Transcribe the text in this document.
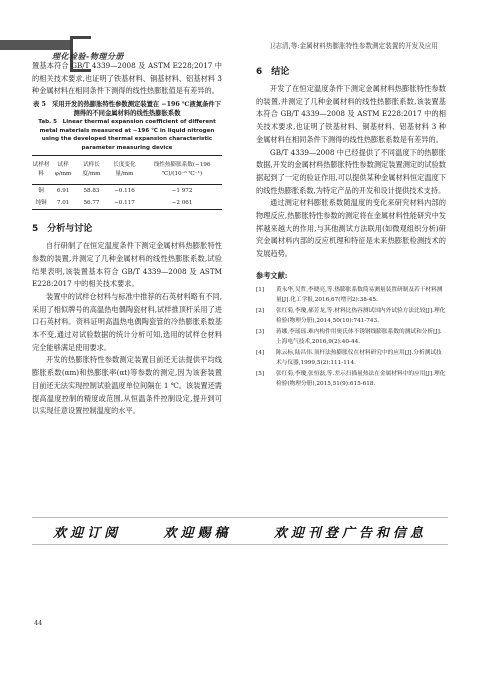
理化检验-物理分册
卫志清,等:金属材料热膨胀特性参数测定装置的开发及应用

置基本符合 GB/T 4339—2008 及 ASTM E228;2017 中的相关技术要求,也证明了铁基材料、铜基材料、铝基材料 3 种金属材料在相同条件下测得的线性热膨胀值是有差异的。

表 5　采用开发的热膨胀特性参数测定装置在 −196 ℃液氮条件下测得的不同金属材料的线性热膨胀系数
Tab. 5　Linear thermal expansion coefficient of different metal materials measured at −196 ℃ in liquid nitrogen using the developed thermal expansion characteristic parameter measuring device
试样材料	试样 φ/mm	试样长度/mm	长度变化量/mm	线性热膨胀系数(−196 ℃)/(10⁻⁶ ℃⁻¹)
铜	6.91	58.83	−0.116	−1 972
纯铜	7.01	56.77	−0.117	−2 061
5　分析与讨论

自行研制了在恒定温度条件下测定金属材料热膨胀特性参数的装置,并测定了几种金属材料的线性热膨胀系数,试验结果表明,该装置基本符合 GB/T 4339—2008 及 ASTM E228:2017 中的相关技术要求。

装置中的试样仓材料与标准中推荐的石英材料略有不同,采用了相似牌号的高温热电偶陶瓷材料,试样推顶杆采用了进口石英材料。资料证明高温热电偶陶瓷管的冷热膨胀系数基本不变,通过对试验数据的统计分析可知,选用的试样仓材料完全能够满足使用要求。

开发的热膨胀特性参数测定装置目前还无法提供平均线膨胀系数(αm)和热膨胀率(αt)等参数的测定,因为该套装置目前还无法实现控制试验温度单位间隔在 1 ℃。该装置还需提高温度控制的精度或范围,从恒温条件控制设定,提升到可以实现任意设置控制温度的水平。

6　结论

开发了在恒定温度条件下测定金属材料热膨胀特性参数的装置,并测定了几种金属材料的线性热膨胀系数,该装置基本符合 GB/T 4339—2008 及 ASTM E228:2017 中的相关技术要求,也证明了铁基材料、铜基材料、铝基材料 3 种金属材料在相同条件下测得的线性热膨胀系数是有差异的。

GB/T 4339—2008 中已经提供了不同温度下的热膨胀数据,开发的金属材料热膨胀特性参数测定装置测定的试验数据起到了一定的验证作用,可以提供某种金属材料恒定温度下的线性热膨胀系数,为特定产品的开发和设计提供技术支持。

通过测定材料膨胀系数随温度的变化来研究材料内部的物理反应,热膨胀特性参数的测定将在金属材料性能研究中发挥越来越大的作用,与其他测试方法联用(如微观组织分析)研究金属材料内部的反应机理和特征是未来热膨胀检测技术的发展趋势。

参考文献:
[1]	黄永华,吴哲,李晓亮,等.热膨胀系数简易测量装置研制及若干材料测量[J].化工学报,2016,67(增刊2):38-45.
[2]	张红菊,李瓊,郝芳龙,等.材料比热容测试国内外试验方法比较[J].理化检验(物理分册),2014,50(10):741-743.
[3]	蒋娜,李瑶瑶.难内构件用奥氏体不锈钢线膨胀系数的测试和分析[J].上海电气技术,2016,9(2):40-44.
[4]	陈云标,陆昌伟.顶杆法热膨胀仪在材料研究中的应用[J].分析测试技术与仪器,1999,5(2):111-114.
[5]	张红菊,李瓊,张恒磊,等.差示扫描量热法在金属材料中的应用[J].理化检验(物理分册),2015,51(9):615-618.
欢迎订阅	欢迎赐稿	欢迎刊登广告和信息
44
